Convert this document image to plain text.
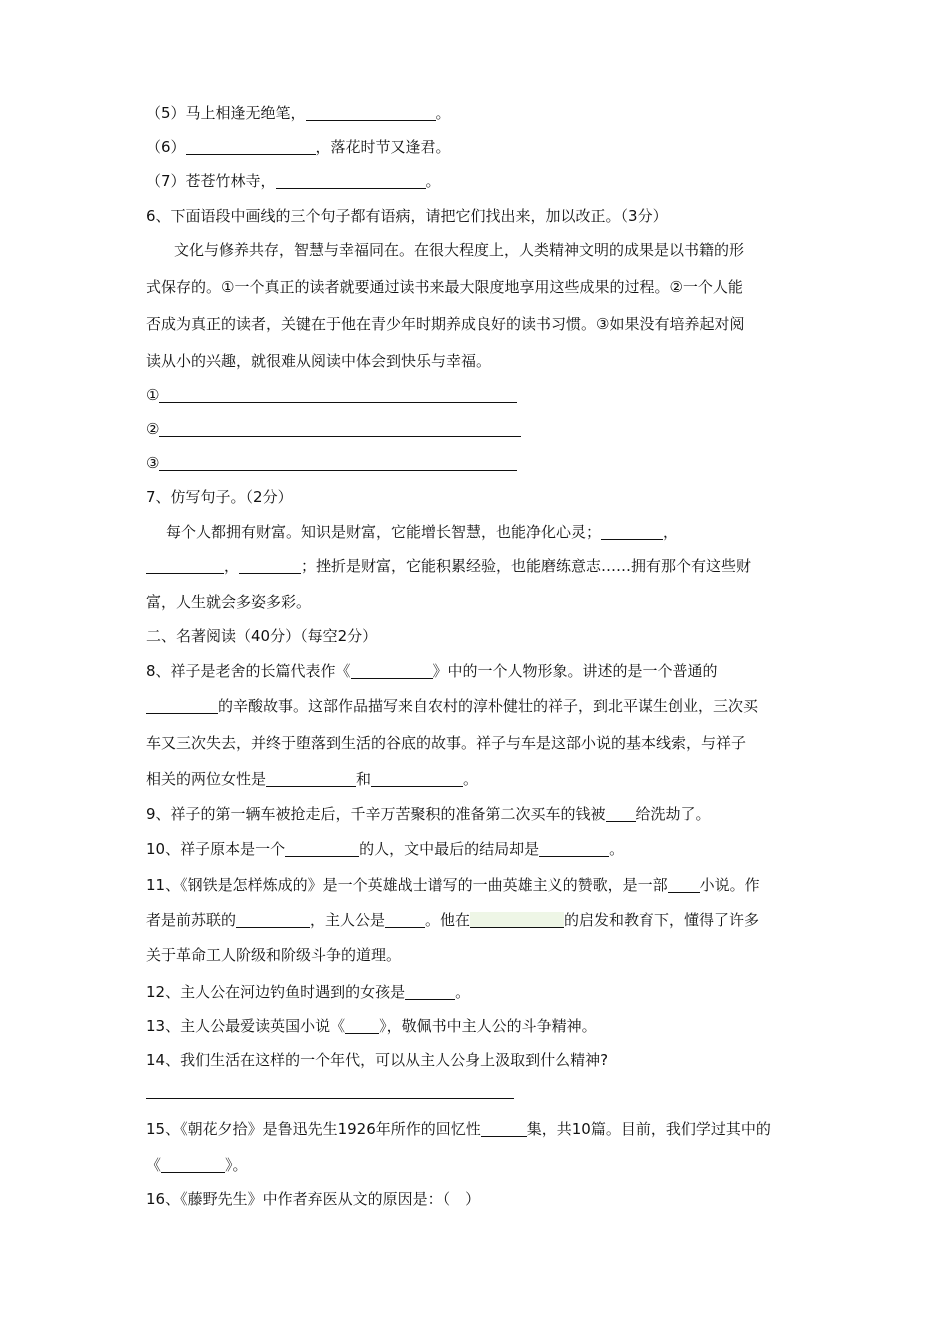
（5）马上相逢无绝笔，	。
（6）	，落花时节又逢君。
（7）苍苍竹林寺，	。
6、下面语段中画线的三个句子都有语病，请把它们找出来，加以改正。（3分）
文化与修养共存，智慧与幸福同在。在很大程度上，人类精神文明的成果是以书籍的形
式保存的。①一个真正的读者就要通过读书来最大限度地享用这些成果的过程。②一个人能
否成为真正的读者，关键在于他在青少年时期养成良好的读书习惯。③如果没有培养起对阅
读从小的兴趣，就很难从阅读中体会到快乐与幸福。
①
②
③
7、仿写句子。（2分）
每个人都拥有财富。知识是财富，它能增长智慧，也能净化心灵；	，
，	；挫折是财富，它能积累经验，也能磨练意志……拥有那个有这些财
富，人生就会多姿多彩。
二、名著阅读（40分）（每空2分）
8、祥子是老舍的长篇代表作《	》中的一个人物形象。讲述的是一个普通的
的辛酸故事。这部作品描写来自农村的淳朴健壮的祥子，到北平谋生创业，三次买
车又三次失去，并终于堕落到生活的谷底的故事。祥子与车是这部小说的基本线索，与祥子
相关的两位女性是	和	。
9、祥子的第一辆车被抢走后，千辛万苦聚积的准备第二次买车的钱被 给洗劫了。
10、祥子原本是一个	的人，文中最后的结局却是	。
11、《钢铁是怎样炼成的》是一个英雄战士谱写的一曲英雄主义的赞歌，是一部 小说。作
者是前苏联的	，主人公是	。他在	的启发和教育下，懂得了许多
关于革命工人阶级和阶级斗争的道理。
12、主人公在河边钓鱼时遇到的女孩是	。
13、主人公最爱读英国小说《 》，敬佩书中主人公的斗争精神。
14、我们生活在这样的一个年代，可以从主人公身上汲取到什么精神?
15、《朝花夕拾》是鲁迅先生1926年所作的回忆性	集，共10篇。目前，我们学过其中的
《	》。
16、《藤野先生》中作者弃医从文的原因是：（　）
